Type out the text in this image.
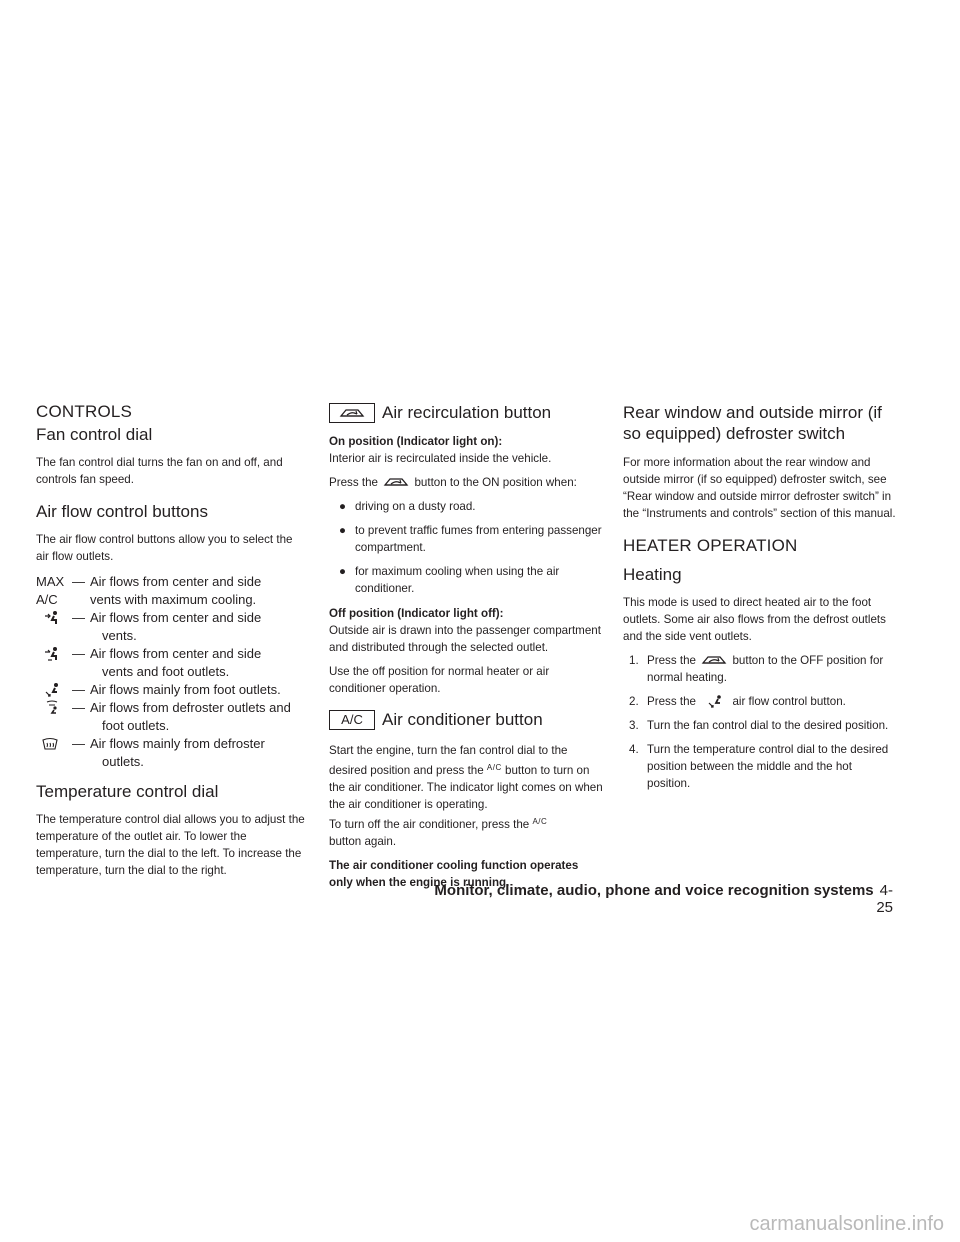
CONTROLS
Fan control dial

The fan control dial turns the fan on and off, and controls fan speed.

Air flow control buttons

The air flow control buttons allow you to select the air flow outlets.

MAX — Air flows from center and side
A/C	vents with maximum cooling.
— Air flows from center and side
vents.
— Air flows from center and side
vents and foot outlets.
— Air flows mainly from foot outlets.
— Air flows from defroster outlets and
foot outlets.
— Air flows mainly from defroster
outlets.
Temperature control dial

The temperature control dial allows you to adjust the temperature of the outlet air. To lower the temperature, turn the dial to the left. To increase the temperature, turn the dial to the right.

Air recirculation button

On position (Indicator light on):

Interior air is recirculated inside the vehicle.

Press the	button to the ON position when:

● driving on a dusty road.
● to prevent traffic fumes from entering passenger compartment.
● for maximum cooling when using the air conditioner.

Off position (Indicator light off):

Outside air is drawn into the passenger compartment and distributed through the selected outlet.

Use the off position for normal heater or air conditioner operation.

A/C	Air conditioner button

Start the engine, turn the fan control dial to the desired position and press the $^{A/C}$ button to turn on the air conditioner. The indicator light comes on when the air conditioner is operating.

To turn off the air conditioner, press the $^{A/C}$
button again.

The air conditioner cooling function operates only when the engine is running.

Rear window and outside mirror (if so equipped) defroster switch

For more information about the rear window and outside mirror (if so equipped) defroster switch, see “Rear window and outside mirror defroster switch” in the “Instruments and controls” section of this manual.

HEATER OPERATION
Heating

This mode is used to direct heated air to the foot outlets. Some air also flows from the defrost outlets and the side vent outlets.

1. Press the	button to the OFF position for normal heating.
2. Press the	air flow control button.
3. Turn the fan control dial to the desired position.
4. Turn the temperature control dial to the desired position between the middle and the hot position.
Monitor, climate, audio, phone and voice recognition systems 4-25
carmanualsonline.info
